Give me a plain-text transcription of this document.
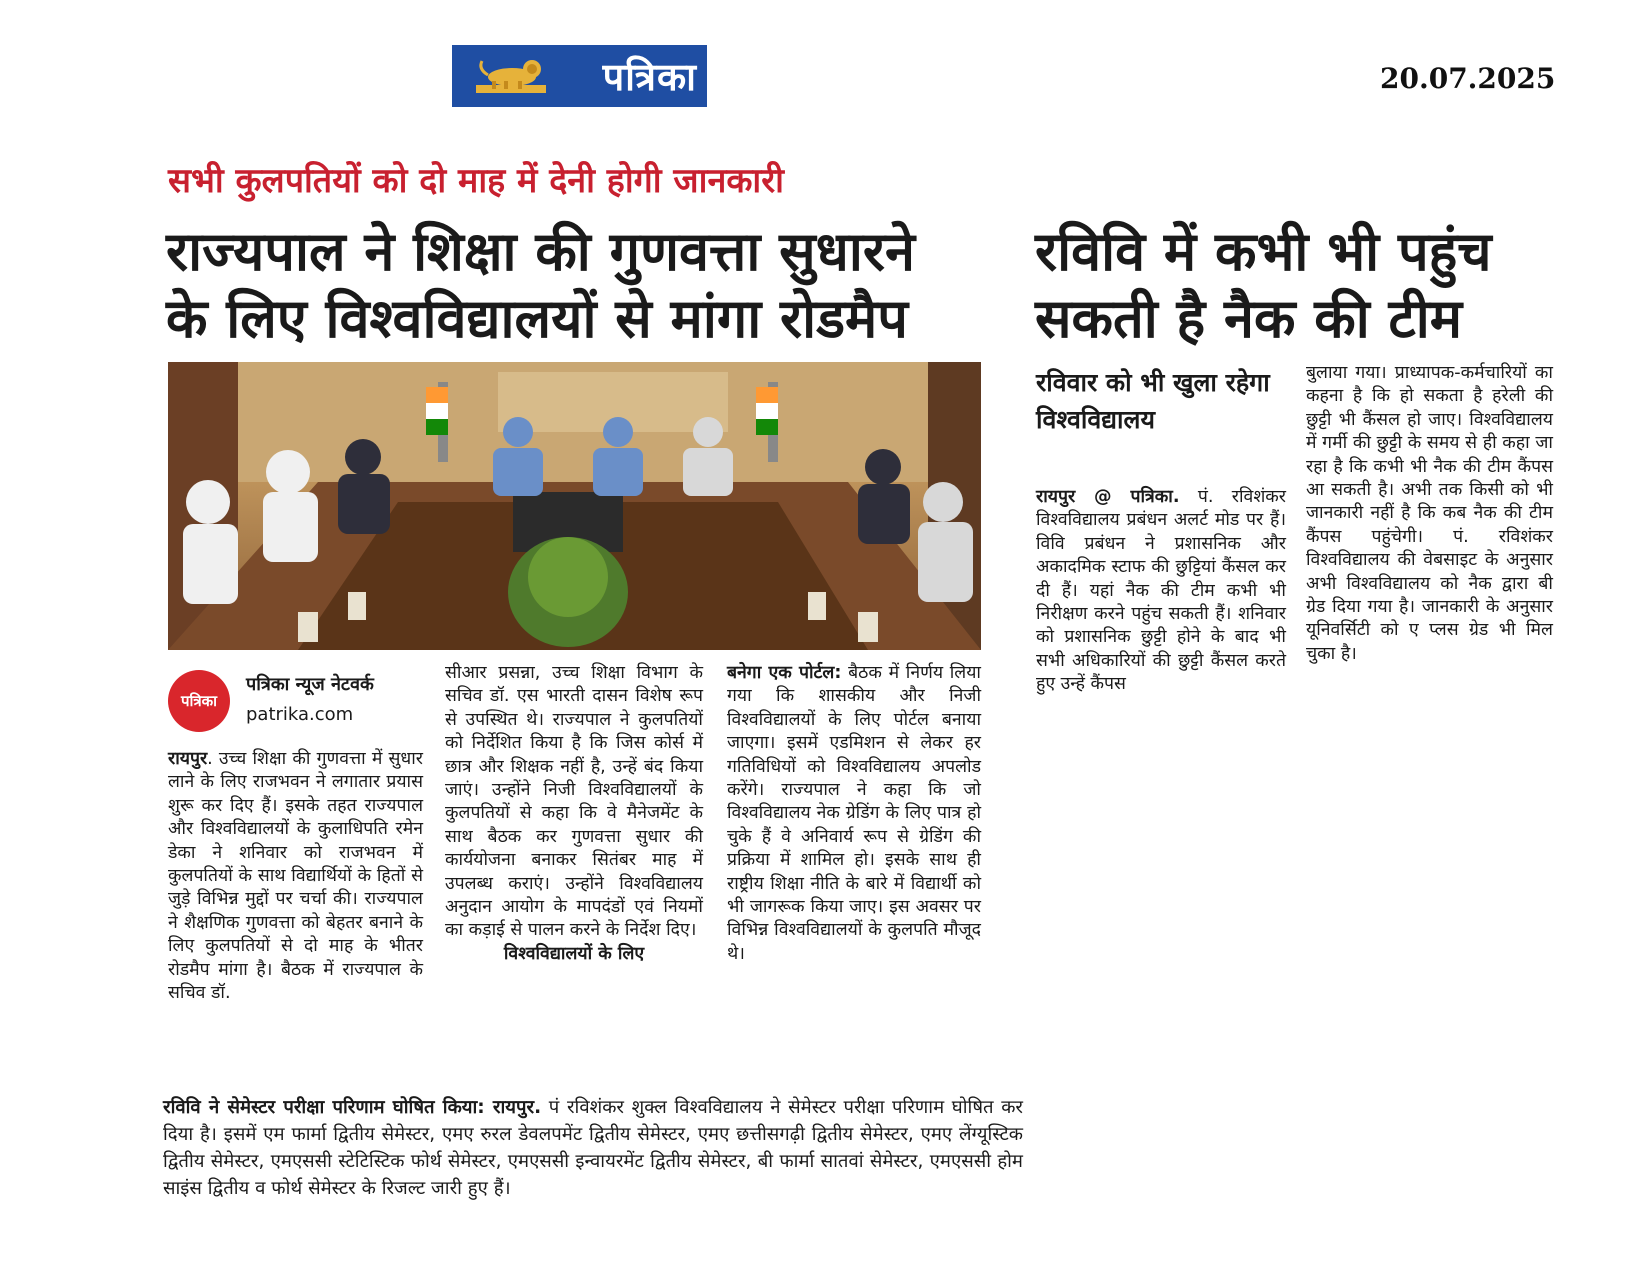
पत्रिका	20.07.2025
सभी कुलपतियों को दो माह में देनी होगी जानकारी
राज्यपाल ने शिक्षा की गुणवत्ता सुधारने के लिए विश्वविद्यालयों से मांगा रोडमैप
पत्रिका
पत्रिका न्यूज नेटवर्क
patrika.com

रायपुर. उच्च शिक्षा की गुणवत्ता में सुधार लाने के लिए राजभवन ने लगातार प्रयास शुरू कर दिए हैं। इसके तहत राज्यपाल और विश्वविद्यालयों के कुलाधिपति रमेन डेका ने शनिवार को राजभवन में कुलपतियों के साथ विद्यार्थियों के हितों से जुड़े विभिन्न मुद्दों पर चर्चा की। राज्यपाल ने शैक्षणिक गुणवत्ता को बेहतर बनाने के लिए कुलपतियों से दो माह के भीतर रोडमैप मांगा है। बैठक में राज्यपाल के सचिव डॉ.

सीआर प्रसन्ना, उच्च शिक्षा विभाग के सचिव डॉ. एस भारती दासन विशेष रूप से उपस्थित थे। राज्यपाल ने कुलपतियों को निर्देशित किया है कि जिस कोर्स में छात्र और शिक्षक नहीं है, उन्हें बंद किया जाएं। उन्होंने निजी विश्वविद्यालयों के कुलपतियों से कहा कि वे मैनेजमेंट के साथ बैठक कर गुणवत्ता सुधार की कार्ययोजना बनाकर सितंबर माह में उपलब्ध कराएं। उन्होंने विश्वविद्यालय अनुदान आयोग के मापदंडों एवं नियमों का कड़ाई से पालन करने के निर्देश दिए।

विश्वविद्यालयों के लिए

बनेगा एक पोर्टल: बैठक में निर्णय लिया गया कि शासकीय और निजी विश्वविद्यालयों के लिए पोर्टल बनाया जाएगा। इसमें एडमिशन से लेकर हर गतिविधियों को विश्वविद्यालय अपलोड करेंगे। राज्यपाल ने कहा कि जो विश्वविद्यालय नेक ग्रेडिंग के लिए पात्र हो चुके हैं वे अनिवार्य रूप से ग्रेडिंग की प्रक्रिया में शामिल हो। इसके साथ ही राष्ट्रीय शिक्षा नीति के बारे में विद्यार्थी को भी जागरूक किया जाए। इस अवसर पर विभिन्न विश्वविद्यालयों के कुलपति मौजूद थे।

रविवि में कभी भी पहुंच सकती है नैक की टीम
रविवार को भी खुला रहेगा विश्वविद्यालय

रायपुर @ पत्रिका. पं. रविशंकर विश्वविद्यालय प्रबंधन अलर्ट मोड पर हैं। विवि प्रबंधन ने प्रशासनिक और अकादमिक स्टाफ की छुट्टियां कैंसल कर दी हैं। यहां नैक की टीम कभी भी निरीक्षण करने पहुंच सकती हैं। शनिवार को प्रशासनिक छुट्टी होने के बाद भी सभी अधिकारियों की छुट्टी कैंसल करते हुए उन्हें कैंपस

बुलाया गया। प्राध्यापक-कर्मचारियों का कहना है कि हो सकता है हरेली की छुट्टी भी कैंसल हो जाए। विश्वविद्यालय में गर्मी की छुट्टी के समय से ही कहा जा रहा है कि कभी भी नैक की टीम कैंपस आ सकती है। अभी तक किसी को भी जानकारी नहीं है कि कब नैक की टीम कैंपस पहुंचेगी। पं. रविशंकर विश्वविद्यालय की वेबसाइट के अनुसार अभी विश्वविद्यालय को नैक द्वारा बी ग्रेड दिया गया है। जानकारी के अनुसार यूनिवर्सिटी को ए प्लस ग्रेड भी मिल चुका है।

रविवि ने सेमेस्टर परीक्षा परिणाम घोषित किया: रायपुर. पं रविशंकर शुक्ल विश्वविद्यालय ने सेमेस्टर परीक्षा परिणाम घोषित कर दिया है। इसमें एम फार्मा द्वितीय सेमेस्टर, एमए रुरल डेवलपमेंट द्वितीय सेमेस्टर, एमए छत्तीसगढ़ी द्वितीय सेमेस्टर, एमए लेंग्यूस्टिक द्वितीय सेमेस्टर, एमएससी स्टेटिस्टिक फोर्थ सेमेस्टर, एमएससी इन्वायरमेंट द्वितीय सेमेस्टर, बी फार्मा सातवां सेमेस्टर, एमएससी होम साइंस द्वितीय व फोर्थ सेमेस्टर के रिजल्ट जारी हुए हैं।
